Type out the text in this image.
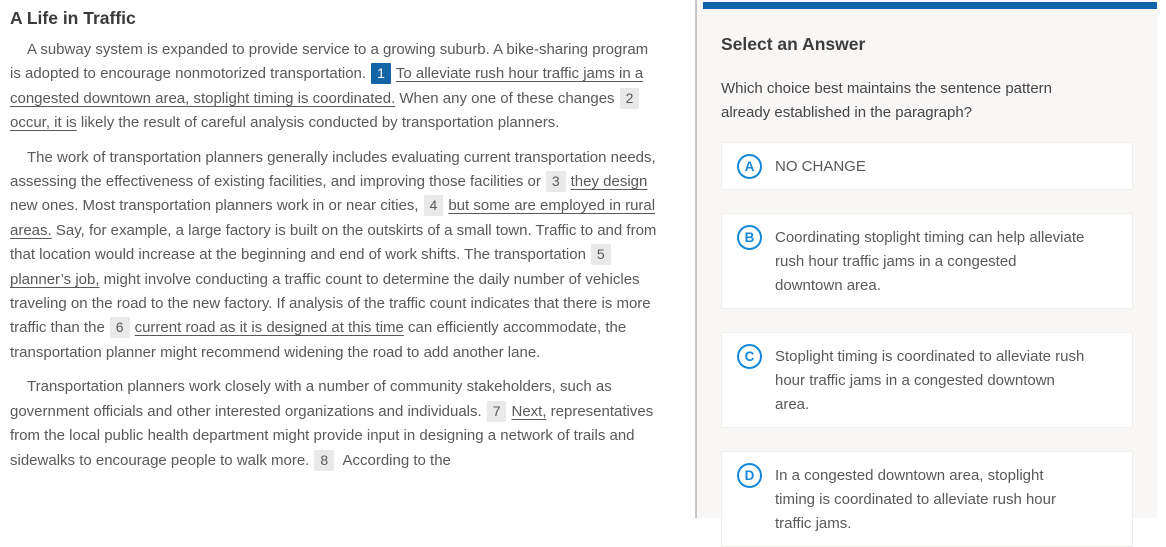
A Life in Traffic

A subway system is expanded to provide service to a growing suburb. A bike-sharing program is adopted to encourage nonmotorized transportation. 1 To alleviate rush hour traffic jams in a congested downtown area, stoplight timing is coordinated. When any one of these changes 2occur, it is likely the result of careful analysis conducted by transportation planners.

The work of transportation planners generally includes evaluating current transportation needs, assessing the effectiveness of existing facilities, and improving those facilities or 3 they design new ones. Most transportation planners work in or near cities, 4 but some are employed in rural areas. Say, for example, a large factory is built on the outskirts of a small town. Traffic to and from that location would increase at the beginning and end of work shifts. The transportation 5planner’s job, might involve conducting a traffic count to determine the daily number of vehicles traveling on the road to the new factory. If analysis of the traffic count indicates that there is more traffic than the 6 current road as it is designed at this time can efficiently accommodate, the transportation planner might recommend widening the road to add another lane.

Transportation planners work closely with a number of community stakeholders, such as government officials and other interested organizations and individuals. 7 Next, representatives from the local public health department might provide input in designing a network of trails and sidewalks to encourage people to walk more. 8 According to the

Select an Answer

Which choice best maintains the sentence pattern already established in the paragraph?

A	NO CHANGE
B	Coordinating stoplight timing can help alleviate rush hour traffic jams in a congested downtown area.
C	Stoplight timing is coordinated to alleviate rush hour traffic jams in a congested downtown area.
D	In a congested downtown area, stoplight timing is coordinated to alleviate rush hour traffic jams.
